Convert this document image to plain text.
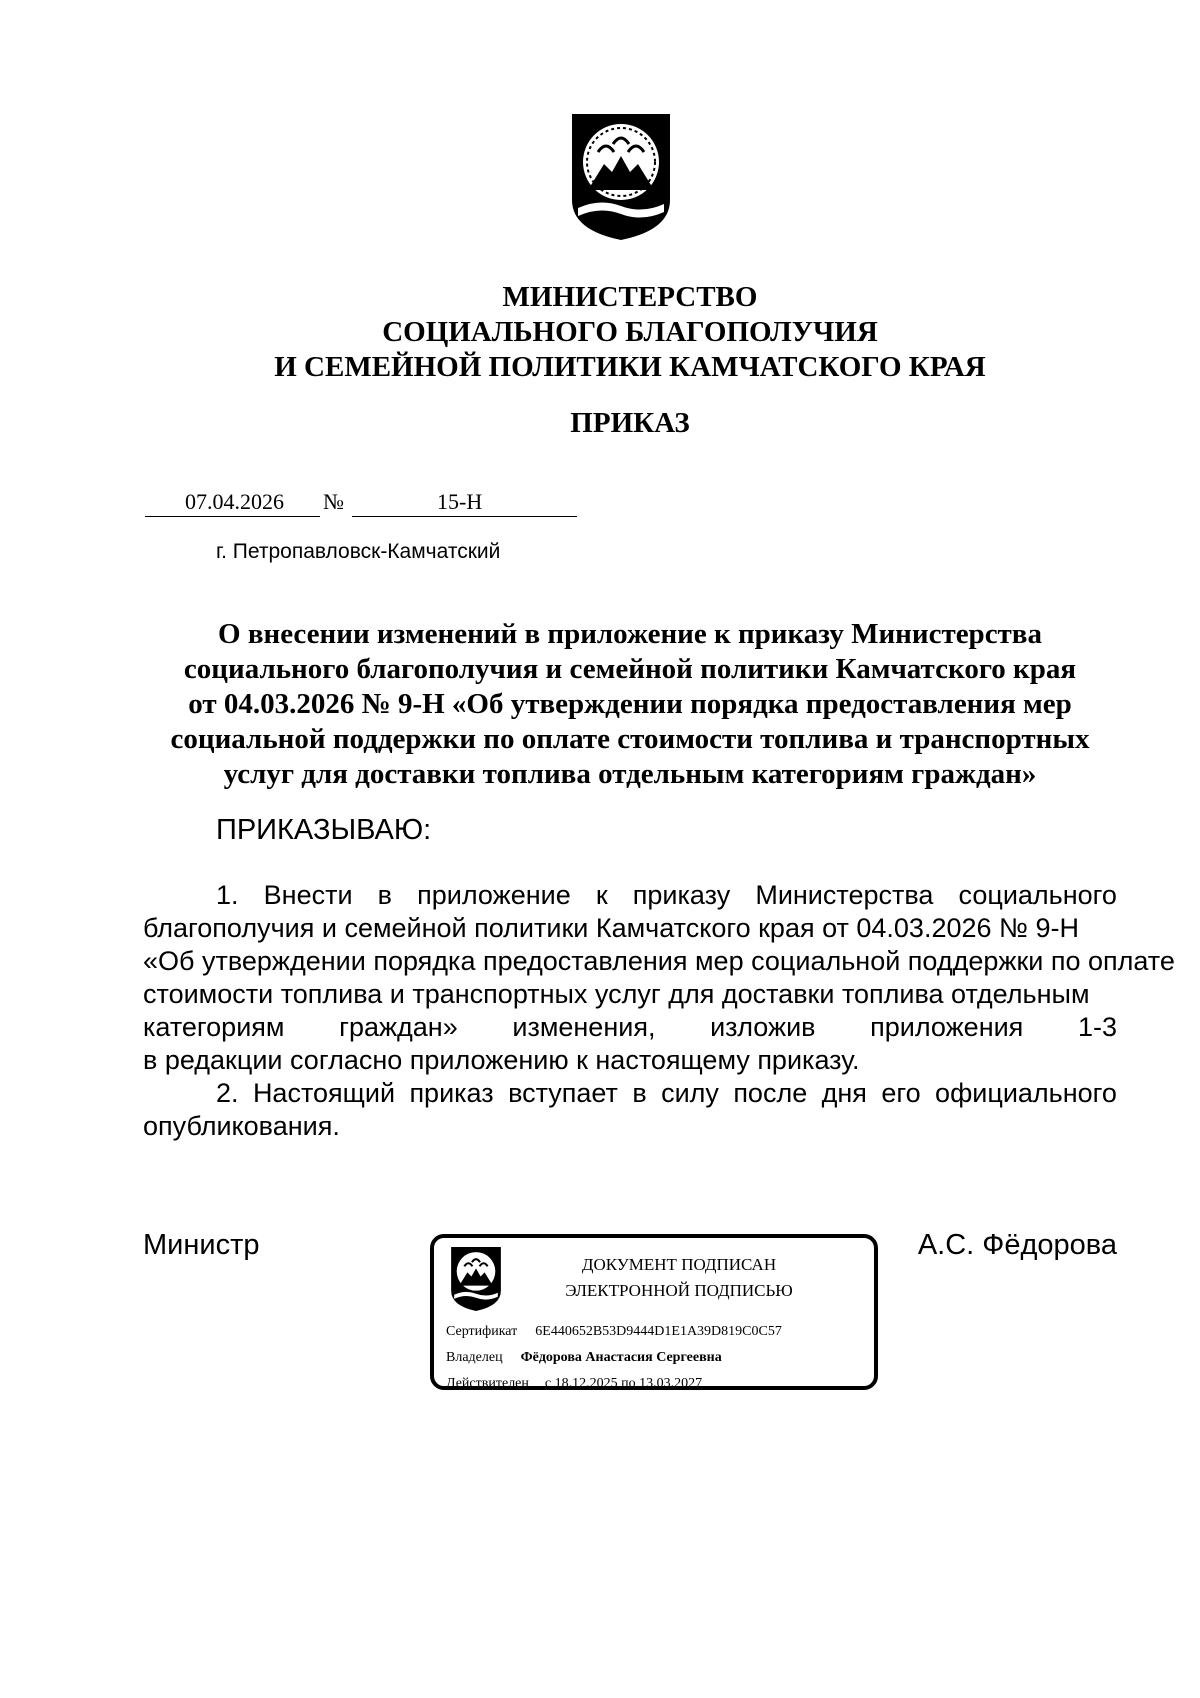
МИНИСТЕРСТВО
СОЦИАЛЬНОГО БЛАГОПОЛУЧИЯ
И СЕМЕЙНОЙ ПОЛИТИКИ КАМЧАТСКОГО КРАЯ
ПРИКАЗ
07.04.2026 №	15-Н
г. Петропавловск-Камчатский
О внесении изменений в приложение к приказу Министерства
социального благополучия и семейной политики Камчатского края
от 04.03.2026 № 9-Н «Об утверждении порядка предоставления мер
социальной поддержки по оплате стоимости топлива и транспортных
услуг для доставки топлива отдельным категориям граждан»
ПРИКАЗЫВАЮ:
1. Внести в приложение к приказу Министерства социального
благополучия и семейной политики Камчатского края от 04.03.2026 № 9-Н
«Об утверждении порядка предоставления мер социальной поддержки по оплате
стоимости топлива и транспортных услуг для доставки топлива отдельным
категориям граждан» изменения, изложив приложения 1-3
в редакции согласно приложению к настоящему приказу.
2. Настоящий приказ вступает в силу после дня его официального
опубликования.
Министр	А.С. Фёдорова
ДОКУМЕНТ ПОДПИСАН
ЭЛЕКТРОННОЙ ПОДПИСЬЮ
Сертификат 6E440652B53D9444D1E1A39D819C0C57
Владелец Фёдорова Анастасия Сергеевна
Действителен с 18.12.2025 по 13.03.2027
